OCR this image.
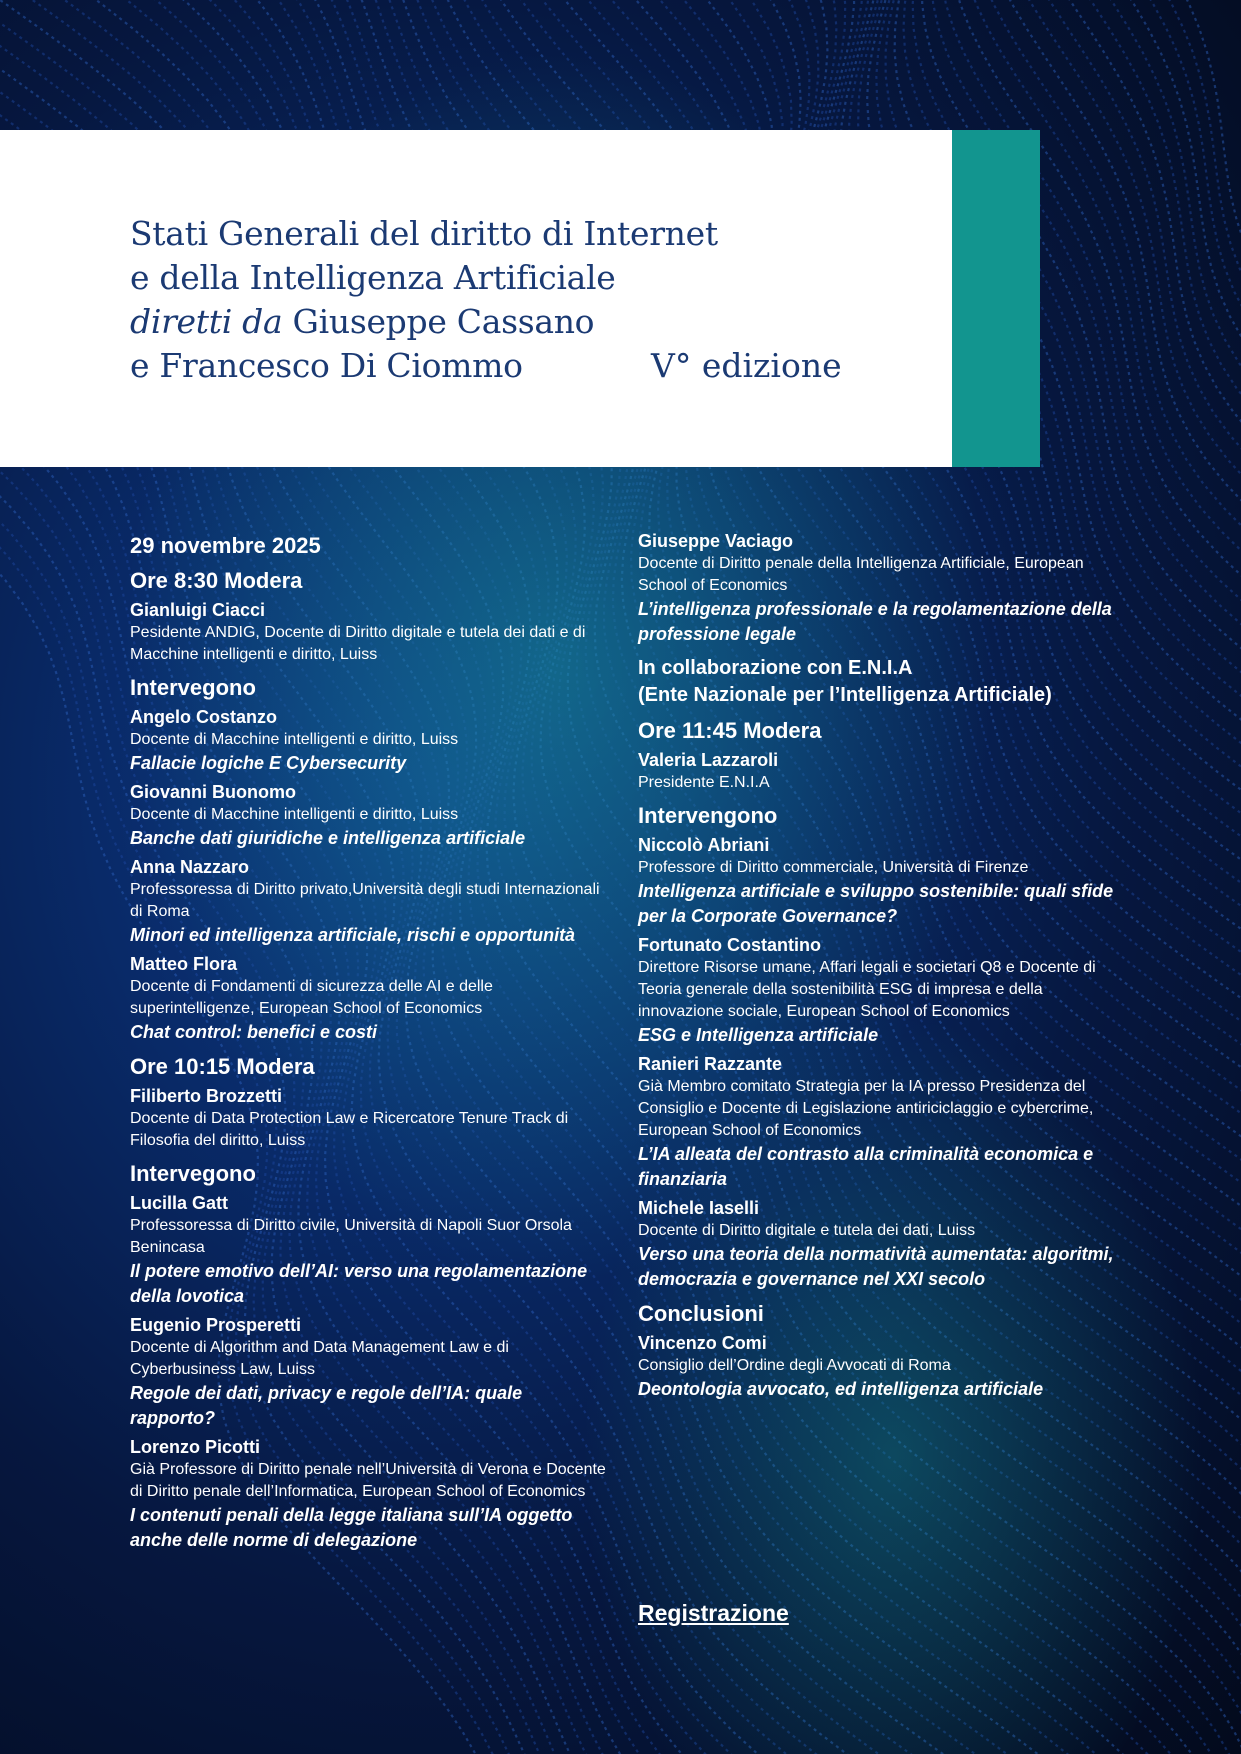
Stati Generali del diritto di Internet
e della Intelligenza Artificiale
diretti da Giuseppe Cassano
e Francesco Di Ciommo	V° edizione
29 novembre 2025
Ore 8:30 Modera
Gianluigi Ciacci
Pesidente ANDIG, Docente di Diritto digitale e tutela dei dati e di Macchine intelligenti e diritto, Luiss
Intervegono
Angelo Costanzo
Docente di Macchine intelligenti e diritto, Luiss
Fallacie logiche E Cybersecurity
Giovanni Buonomo
Docente di Macchine intelligenti e diritto, Luiss
Banche dati giuridiche e intelligenza artificiale
Anna Nazzaro
Professoressa di Diritto privato,Università degli studi Internazionali di Roma
Minori ed intelligenza artificiale, rischi e opportunità
Matteo Flora
Docente di Fondamenti di sicurezza delle AI e delle superintelligenze, European School of Economics
Chat control: benefici e costi
Ore 10:15 Modera
Filiberto Brozzetti
Docente di Data Protection Law e Ricercatore Tenure Track di Filosofia del diritto, Luiss
Intervegono
Lucilla Gatt
Professoressa di Diritto civile, Università di Napoli Suor Orsola Benincasa
Il potere emotivo dell’AI: verso una regolamentazione della lovotica
Eugenio Prosperetti
Docente di Algorithm and Data Management Law e di Cyberbusiness Law, Luiss
Regole dei dati, privacy e regole dell’IA: quale rapporto?
Lorenzo Picotti
Già Professore di Diritto penale nell’Università di Verona e Docente di Diritto penale dell’Informatica, European School of Economics
I contenuti penali della legge italiana sull’IA oggetto anche delle norme di delegazione
Giuseppe Vaciago
Docente di Diritto penale della Intelligenza Artificiale, European School of Economics
L’intelligenza professionale e la regolamentazione della professione legale
In collaborazione con E.N.I.A
(Ente Nazionale per l’Intelligenza Artificiale)
Ore 11:45 Modera
Valeria Lazzaroli
Presidente E.N.I.A
Intervengono
Niccolò Abriani
Professore di Diritto commerciale, Università di Firenze
Intelligenza artificiale e sviluppo sostenibile: quali sfide per la Corporate Governance?
Fortunato Costantino
Direttore Risorse umane, Affari legali e societari Q8 e Docente di Teoria generale della sostenibilità ESG di impresa e della innovazione sociale, European School of Economics
ESG e Intelligenza artificiale
Ranieri Razzante
Già Membro comitato Strategia per la IA presso Presidenza del Consiglio e Docente di Legislazione antiriciclaggio e cybercrime, European School of Economics
L’IA alleata del contrasto alla criminalità economica e finanziaria
Michele Iaselli
Docente di Diritto digitale e tutela dei dati, Luiss
Verso una teoria della normatività aumentata: algoritmi, democrazia e governance nel XXI secolo
Conclusioni
Vincenzo Comi
Consiglio dell’Ordine degli Avvocati di Roma
Deontologia avvocato, ed intelligenza artificiale
Registrazione
